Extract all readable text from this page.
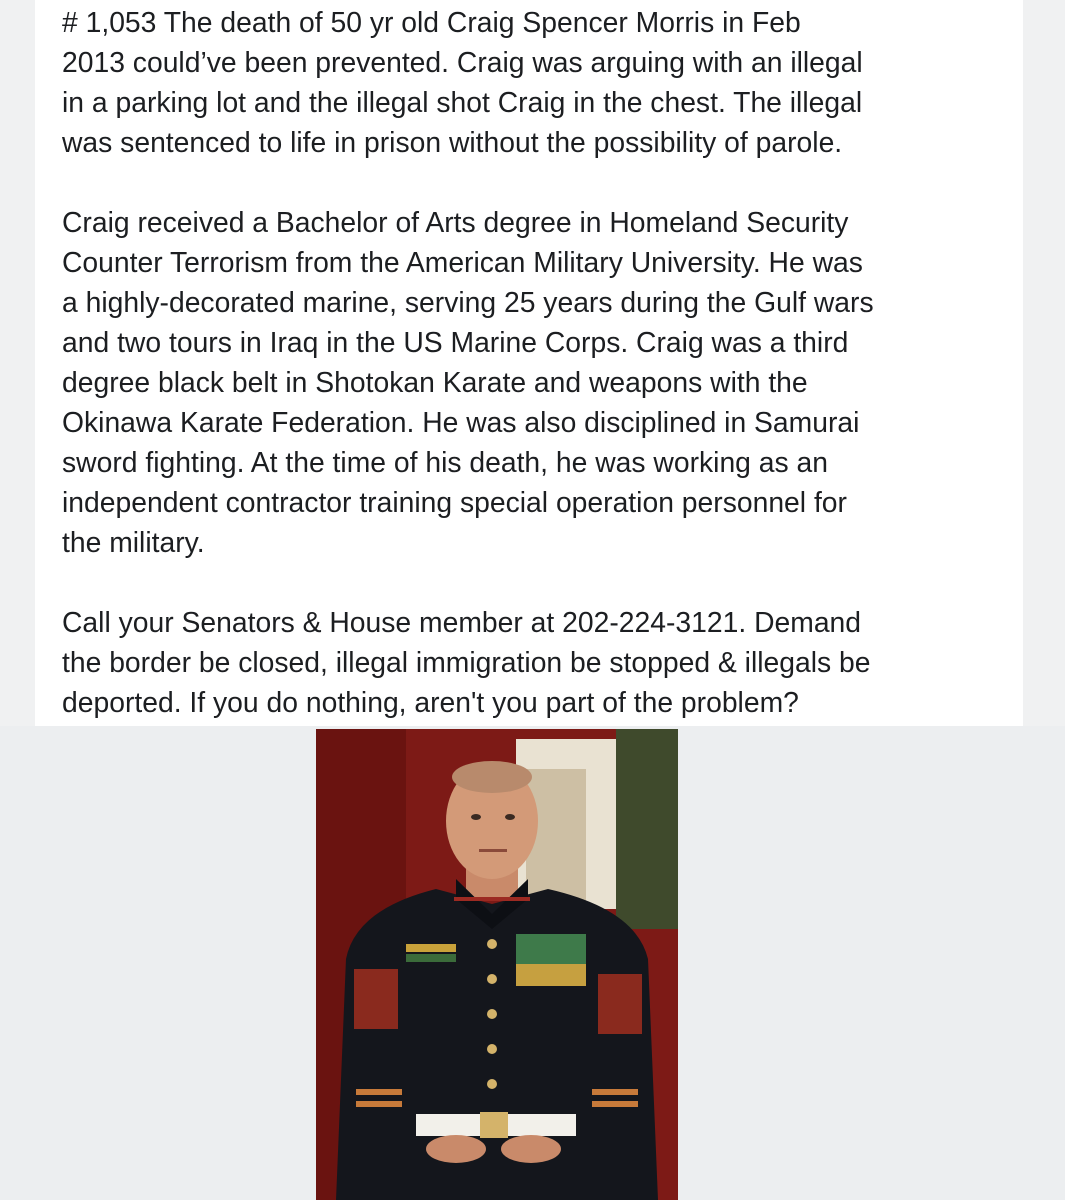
# 1,053 The death of 50 yr old Craig Spencer Morris in Feb
2013 could’ve been prevented. Craig was arguing with an illegal
in a parking lot and the illegal shot Craig in the chest. The illegal
was sentenced to life in prison without the possibility of parole.

Craig received a Bachelor of Arts degree in Homeland Security
Counter Terrorism from the American Military University. He was
a highly-decorated marine, serving 25 years during the Gulf wars
and two tours in Iraq in the US Marine Corps. Craig was a third
degree black belt in Shotokan Karate and weapons with the
Okinawa Karate Federation. He was also disciplined in Samurai
sword fighting. At the time of his death, he was working as an
independent contractor training special operation personnel for
the military.

Call your Senators & House member at 202-224-3121. Demand
the border be closed, illegal immigration be stopped & illegals be
deported. If you do nothing, aren't you part of the problem?
